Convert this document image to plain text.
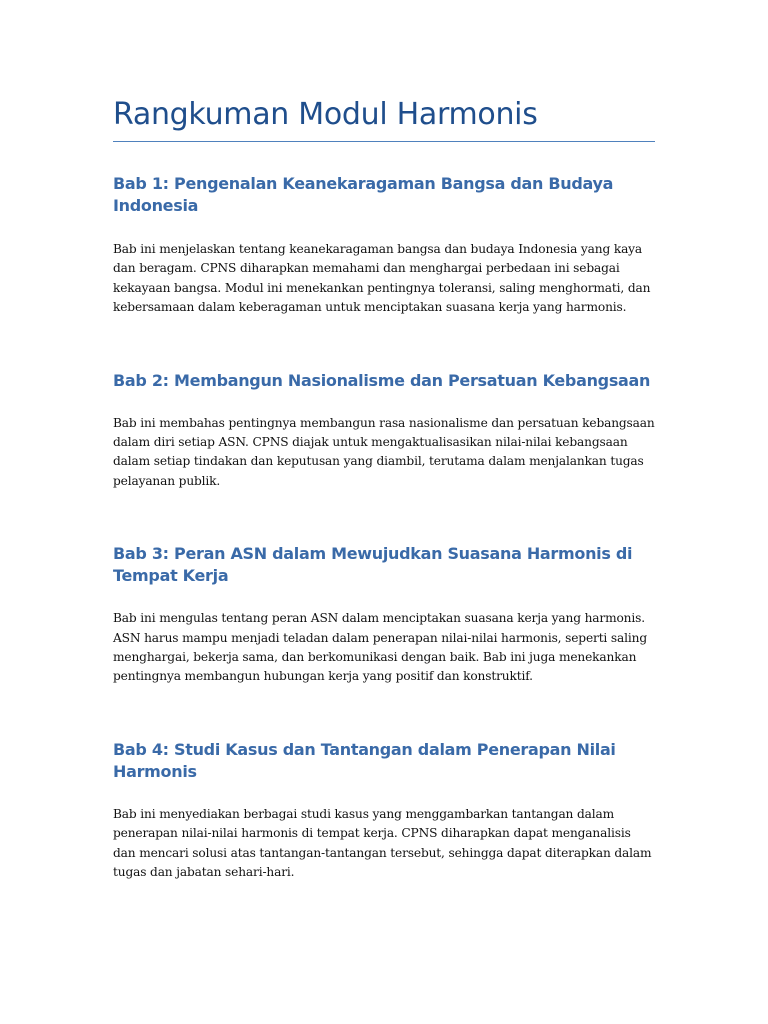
Rangkuman Modul Harmonis
Bab 1: Pengenalan Keanekaragaman Bangsa dan Budaya Indonesia

Bab ini menjelaskan tentang keanekaragaman bangsa dan budaya Indonesia yang kaya dan beragam. CPNS diharapkan memahami dan menghargai perbedaan ini sebagai kekayaan bangsa. Modul ini menekankan pentingnya toleransi, saling menghormati, dan kebersamaan dalam keberagaman untuk menciptakan suasana kerja yang harmonis.

Bab 2: Membangun Nasionalisme dan Persatuan Kebangsaan

Bab ini membahas pentingnya membangun rasa nasionalisme dan persatuan kebangsaan dalam diri setiap ASN. CPNS diajak untuk mengaktualisasikan nilai-nilai kebangsaan dalam setiap tindakan dan keputusan yang diambil, terutama dalam menjalankan tugas pelayanan publik.

Bab 3: Peran ASN dalam Mewujudkan Suasana Harmonis di Tempat Kerja

Bab ini mengulas tentang peran ASN dalam menciptakan suasana kerja yang harmonis. ASN harus mampu menjadi teladan dalam penerapan nilai-nilai harmonis, seperti saling menghargai, bekerja sama, dan berkomunikasi dengan baik. Bab ini juga menekankan pentingnya membangun hubungan kerja yang positif dan konstruktif.

Bab 4: Studi Kasus dan Tantangan dalam Penerapan Nilai Harmonis

Bab ini menyediakan berbagai studi kasus yang menggambarkan tantangan dalam penerapan nilai-nilai harmonis di tempat kerja. CPNS diharapkan dapat menganalisis dan mencari solusi atas tantangan-tantangan tersebut, sehingga dapat diterapkan dalam tugas dan jabatan sehari-hari.
